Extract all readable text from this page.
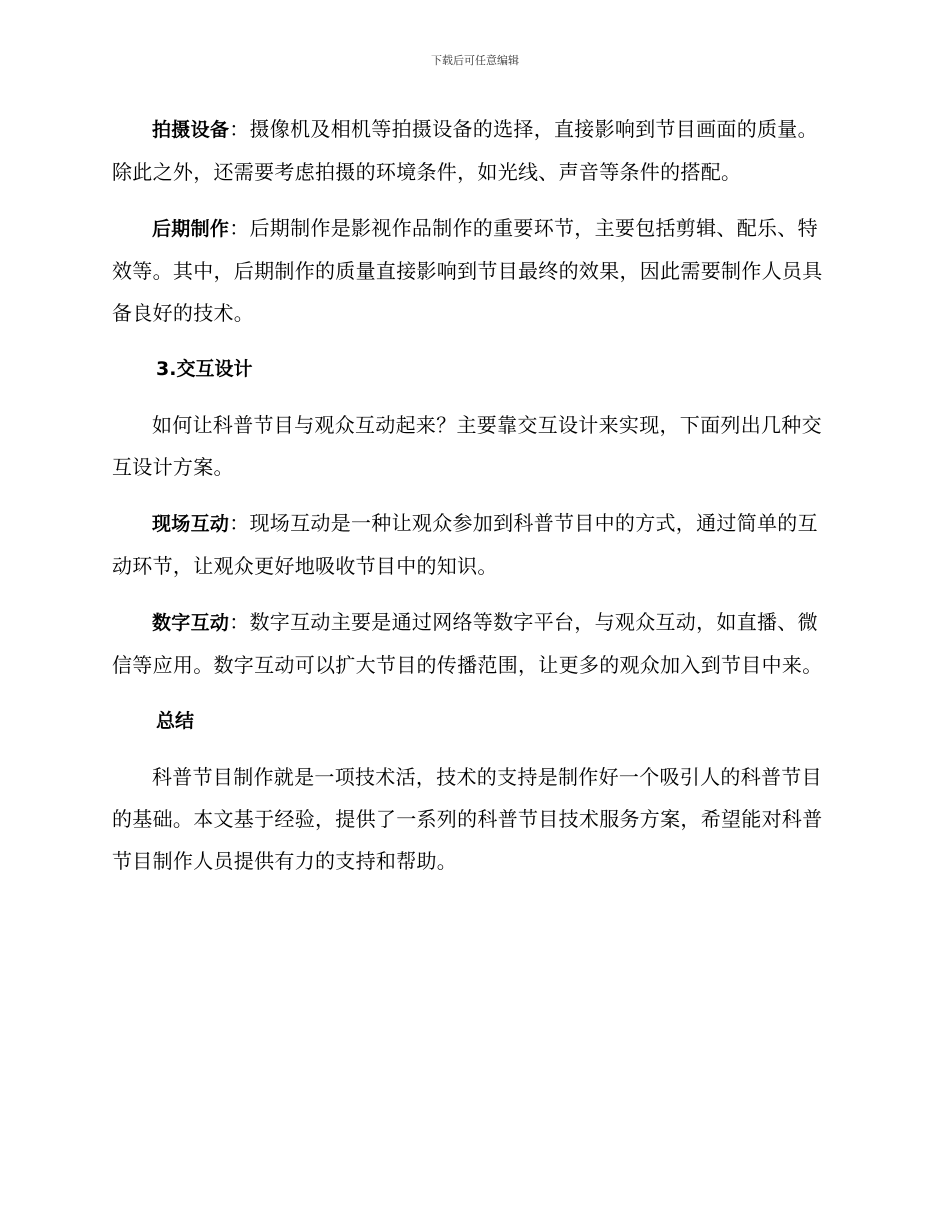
下载后可任意编辑

拍摄设备：摄像机及相机等拍摄设备的选择，直接影响到节目画面的质量。除此之外，还需要考虑拍摄的环境条件，如光线、声音等条件的搭配。

后期制作：后期制作是影视作品制作的重要环节，主要包括剪辑、配乐、特效等。其中，后期制作的质量直接影响到节目最终的效果，因此需要制作人员具备良好的技术。

3.交互设计

如何让科普节目与观众互动起来？主要靠交互设计来实现，下面列出几种交互设计方案。

现场互动：现场互动是一种让观众参加到科普节目中的方式，通过简单的互动环节，让观众更好地吸收节目中的知识。

数字互动：数字互动主要是通过网络等数字平台，与观众互动，如直播、微信等应用。数字互动可以扩大节目的传播范围，让更多的观众加入到节目中来。

总结

科普节目制作就是一项技术活，技术的支持是制作好一个吸引人的科普节目的基础。本文基于经验，提供了一系列的科普节目技术服务方案，希望能对科普节目制作人员提供有力的支持和帮助。
